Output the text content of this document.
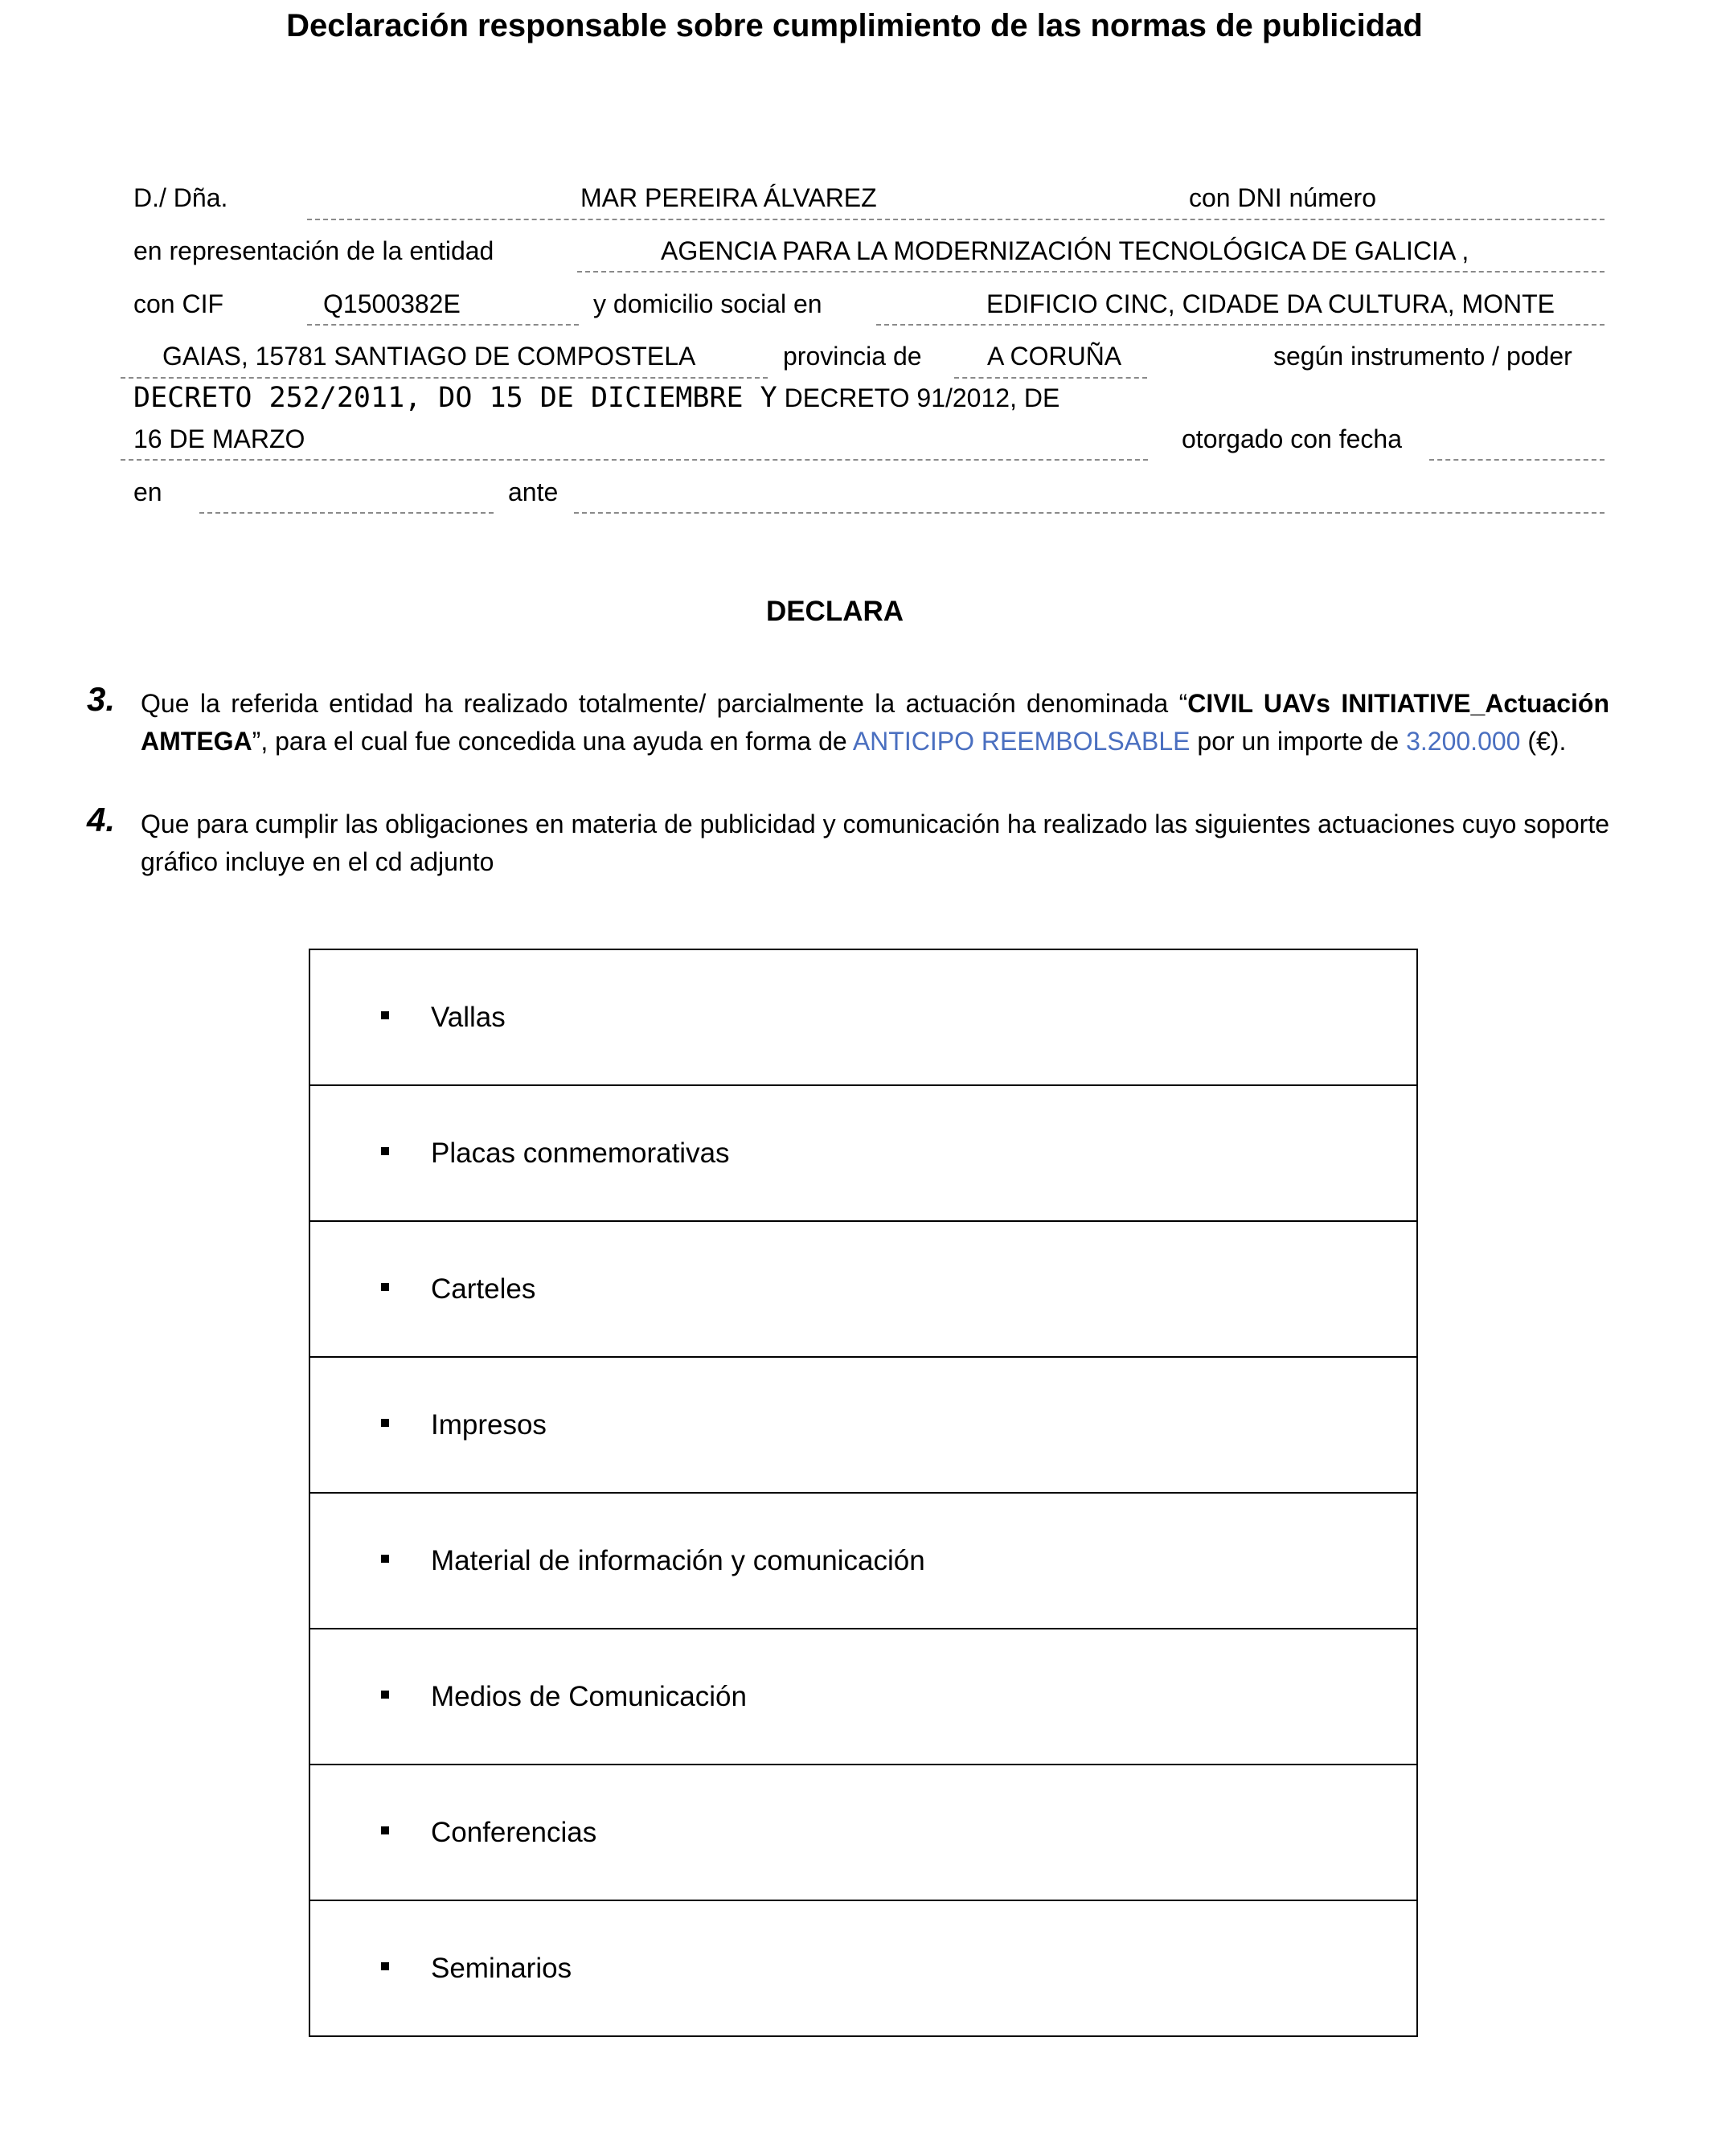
Declaración responsable sobre cumplimiento de las normas de publicidad
D./ Dña.	MAR PEREIRA ÁLVAREZ	con DNI número
en representación de la entidad	AGENCIA PARA LA MODERNIZACIÓN TECNOLÓGICA DE GALICIA ,
con CIF	Q1500382E	y domicilio social en	EDIFICIO CINC, CIDADE DA CULTURA, MONTE
GAIAS, 15781 SANTIAGO DE COMPOSTELA	provincia de	A CORUÑA	según instrumento / poder
DECRETO 252/2011, DO 15 DE DICIEMBRE Y DECRETO 91/2012, DE
16 DE MARZO	otorgado con fecha
en	ante
DECLARA
3. Que la referida entidad ha realizado totalmente/ parcialmente la actuación denominada “CIVIL UAVs INITIATIVE_Actuación AMTEGA”, para el cual fue concedida una ayuda en forma de ANTICIPO REEMBOLSABLE por un importe de 3.200.000 (€).
4. Que para cumplir las obligaciones en materia de publicidad y comunicación ha realizado las siguientes actuaciones cuyo soporte gráfico incluye en el cd adjunto
Vallas
Placas conmemorativas
Carteles
Impresos
Material de información y comunicación
Medios de Comunicación
Conferencias
Seminarios
